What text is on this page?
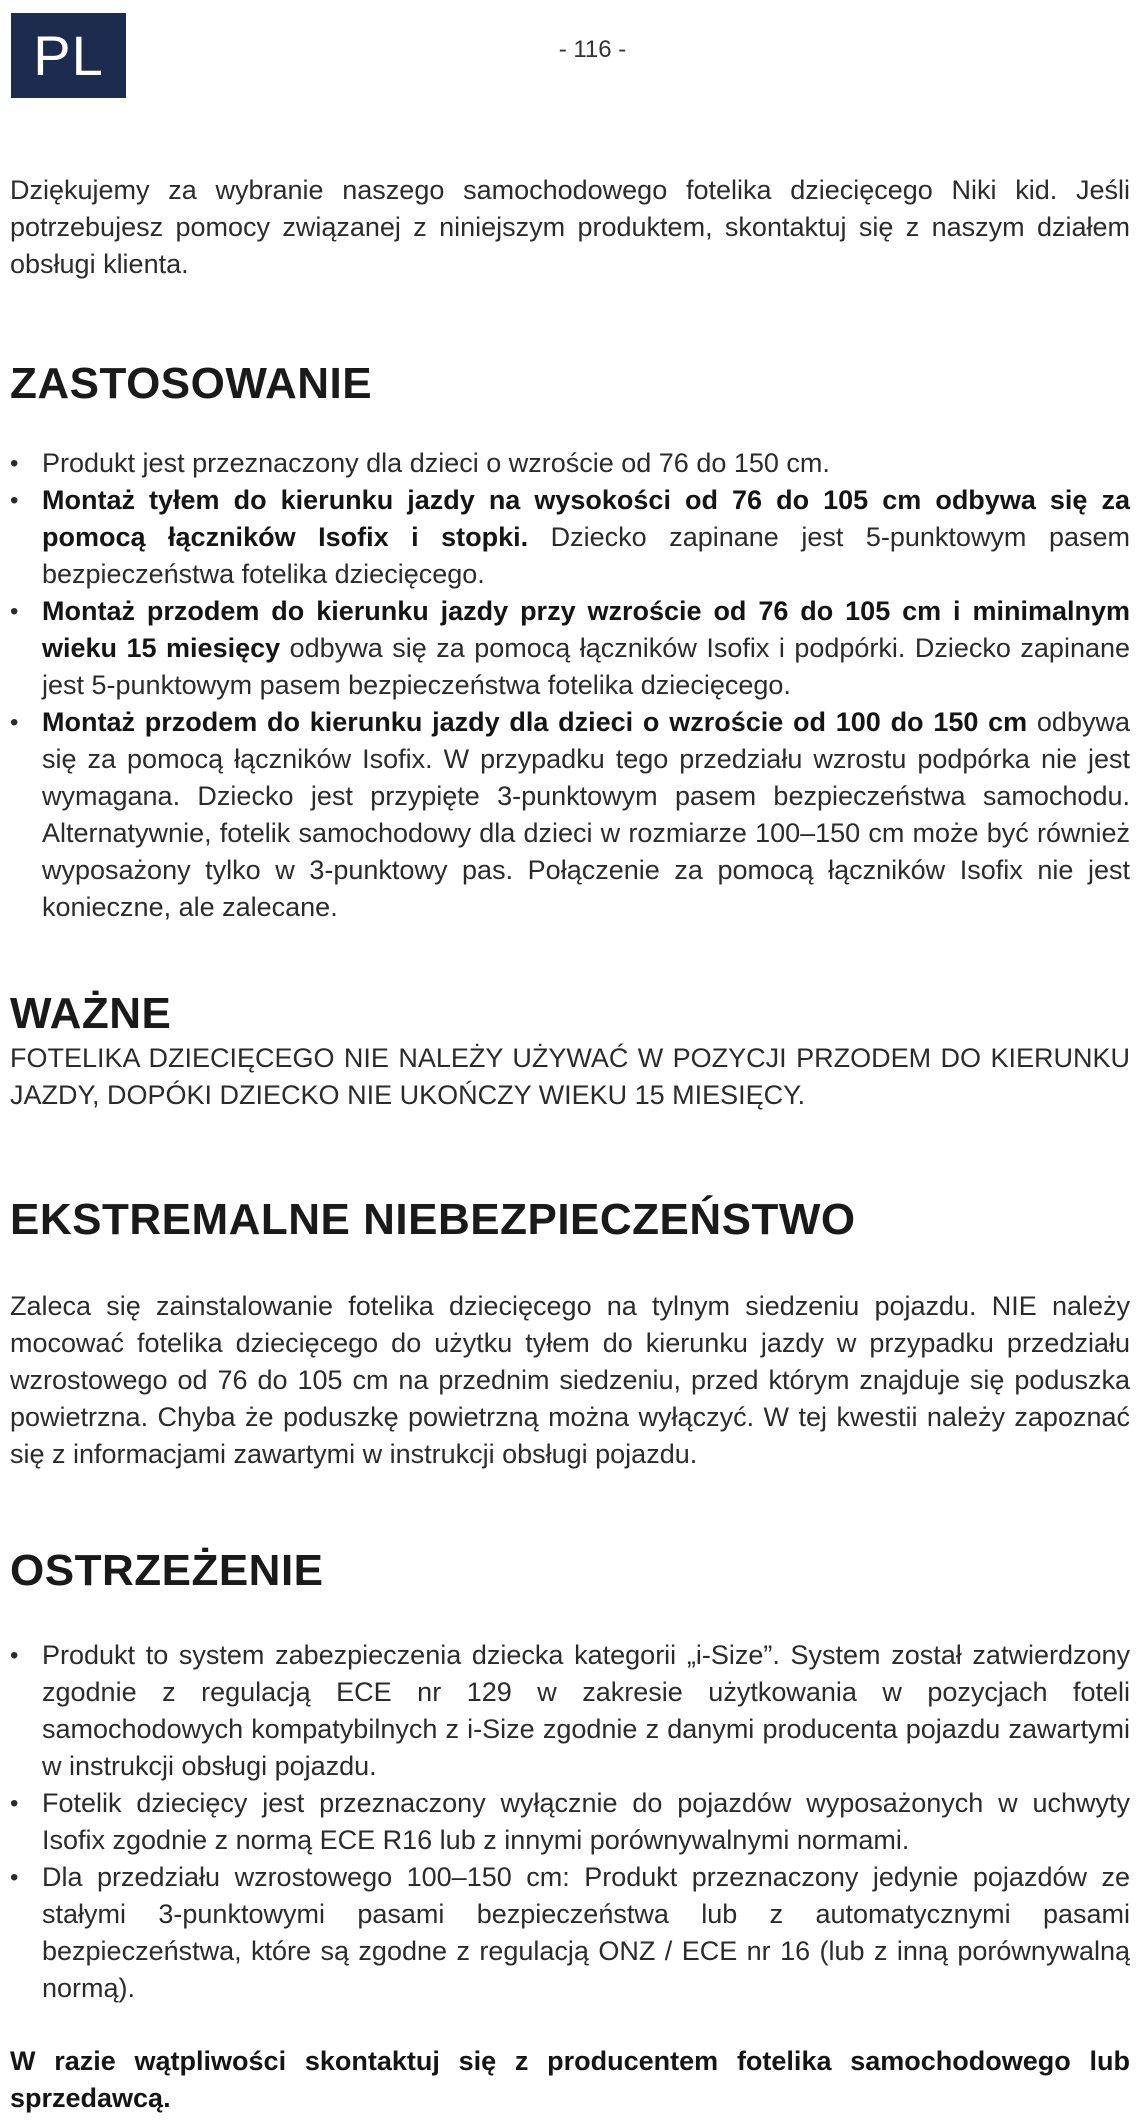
PL	- 116 -

Dziękujemy za wybranie naszego samochodowego fotelika dziecięcego Niki kid. Jeśli potrzebujesz pomocy związanej z niniejszym produktem, skontaktuj się z naszym działem obsługi klienta.

ZASTOSOWANIE
• Produkt jest przeznaczony dla dzieci o wzroście od 76 do 150 cm.
• Montaż tyłem do kierunku jazdy na wysokości od 76 do 105 cm odbywa się za pomocą łączników Isofix i stopki. Dziecko zapinane jest 5-punktowym pasem bezpieczeństwa fotelika dziecięcego.
• Montaż przodem do kierunku jazdy przy wzroście od 76 do 105 cm i minimalnym wieku 15 miesięcy odbywa się za pomocą łączników Isofix i podpórki. Dziecko zapinane jest 5-punktowym pasem bezpieczeństwa fotelika dziecięcego.
• Montaż przodem do kierunku jazdy dla dzieci o wzroście od 100 do 150 cm odbywa się za pomocą łączników Isofix. W przypadku tego przedziału wzrostu podpórka nie jest wymagana. Dziecko jest przypięte 3-punktowym pasem bezpieczeństwa samochodu. Alternatywnie, fotelik samochodowy dla dzieci w rozmiarze 100–150 cm może być również wyposażony tylko w 3-punktowy pas. Połączenie za pomocą łączników Isofix nie jest konieczne, ale zalecane.
WAŻNE

FOTELIKA DZIECIĘCEGO NIE NALEŻY UŻYWAĆ W POZYCJI PRZODEM DO KIERUNKU JAZDY, DOPÓKI DZIECKO NIE UKOŃCZY WIEKU 15 MIESIĘCY.

EKSTREMALNE NIEBEZPIECZEŃSTWO

Zaleca się zainstalowanie fotelika dziecięcego na tylnym siedzeniu pojazdu. NIE należy mocować fotelika dziecięcego do użytku tyłem do kierunku jazdy w przypadku przedziału wzrostowego od 76 do 105 cm na przednim siedzeniu, przed którym znajduje się poduszka powietrzna. Chyba że poduszkę powietrzną można wyłączyć. W tej kwestii należy zapoznać się z informacjami zawartymi w instrukcji obsługi pojazdu.

OSTRZEŻENIE
• Produkt to system zabezpieczenia dziecka kategorii „i-Size”. System został zatwierdzony zgodnie z regulacją ECE nr 129 w zakresie użytkowania w pozycjach foteli samochodowych kompatybilnych z i-Size zgodnie z danymi producenta pojazdu zawartymi w instrukcji obsługi pojazdu.
• Fotelik dziecięcy jest przeznaczony wyłącznie do pojazdów wyposażonych w uchwyty Isofix zgodnie z normą ECE R16 lub z innymi porównywalnymi normami.
• Dla przedziału wzrostowego 100–150 cm: Produkt przeznaczony jedynie pojazdów ze stałymi 3-punktowymi pasami bezpieczeństwa lub z automatycznymi pasami bezpieczeństwa, które są zgodne z regulacją ONZ / ECE nr 16 (lub z inną porównywalną normą).

W razie wątpliwości skontaktuj się z producentem fotelika samochodowego lub sprzedawcą.
